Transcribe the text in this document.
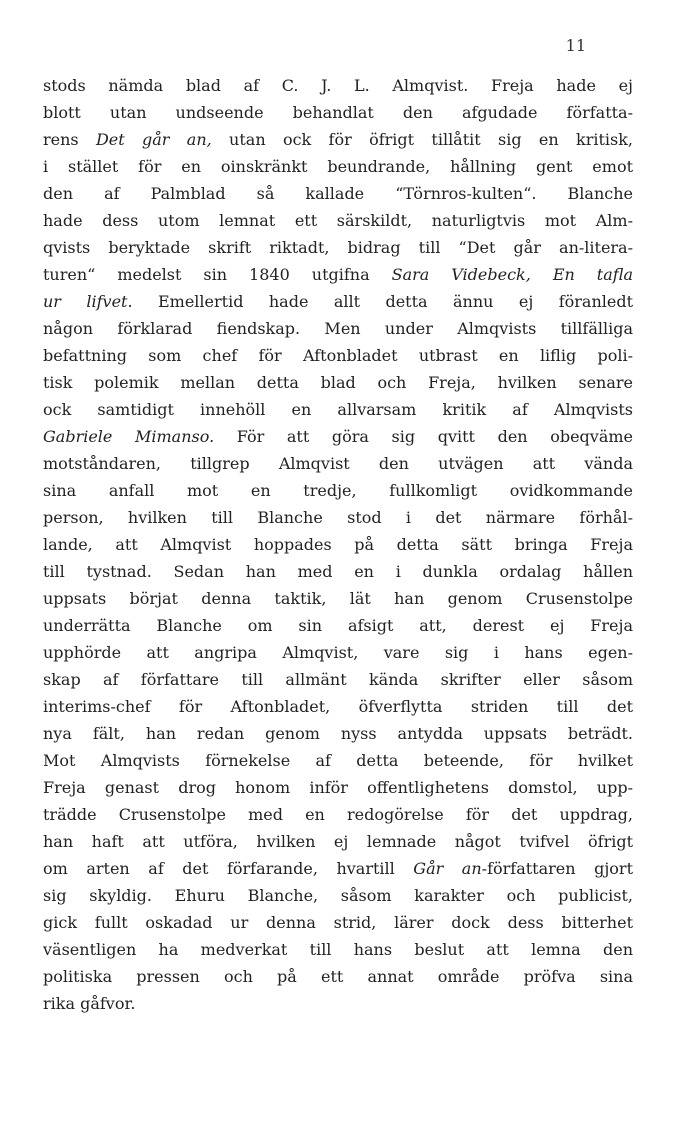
11
stods nämda blad af C. J. L. Almqvist. Freja hade ej
blott utan undseende behandlat den afgudade författa-
rens Det går an, utan ock för öfrigt tillåtit sig en kritisk,
i stället för en oinskränkt beundrande, hållning gent emot
den af Palmblad så kallade “Törnros-kulten“. Blanche
hade dess utom lemnat ett särskildt, naturligtvis mot Alm-
qvists beryktade skrift riktadt, bidrag till “Det går an-litera-
turen“ medelst sin 1840 utgifna Sara Videbeck, En tafla
ur lifvet. Emellertid hade allt detta ännu ej föranledt
någon förklarad fiendskap. Men under Almqvists tillfälliga
befattning som chef för Aftonbladet utbrast en liflig poli-
tisk polemik mellan detta blad och Freja, hvilken senare
ock samtidigt innehöll en allvarsam kritik af Almqvists
Gabriele Mimanso. För att göra sig qvitt den obeqväme
motståndaren, tillgrep Almqvist den utvägen att vända
sina anfall mot en tredje, fullkomligt ovidkommande
person, hvilken till Blanche stod i det närmare förhål-
lande, att Almqvist hoppades på detta sätt bringa Freja
till tystnad. Sedan han med en i dunkla ordalag hållen
uppsats börjat denna taktik, lät han genom Crusenstolpe
underrätta Blanche om sin afsigt att, derest ej Freja
upphörde att angripa Almqvist, vare sig i hans egen-
skap af författare till allmänt kända skrifter eller såsom
interims-chef för Aftonbladet, öfverflytta striden till det
nya fält, han redan genom nyss antydda uppsats beträdt.
Mot Almqvists förnekelse af detta beteende, för hvilket
Freja genast drog honom inför offentlighetens domstol, upp-
trädde Crusenstolpe med en redogörelse för det uppdrag,
han haft att utföra, hvilken ej lemnade något tvifvel öfrigt
om arten af det förfarande, hvartill Går an-författaren gjort
sig skyldig. Ehuru Blanche, såsom karakter och publicist,
gick fullt oskadad ur denna strid, lärer dock dess bitterhet
väsentligen ha medverkat till hans beslut att lemna den
politiska pressen och på ett annat område pröfva sina
rika gåfvor.
